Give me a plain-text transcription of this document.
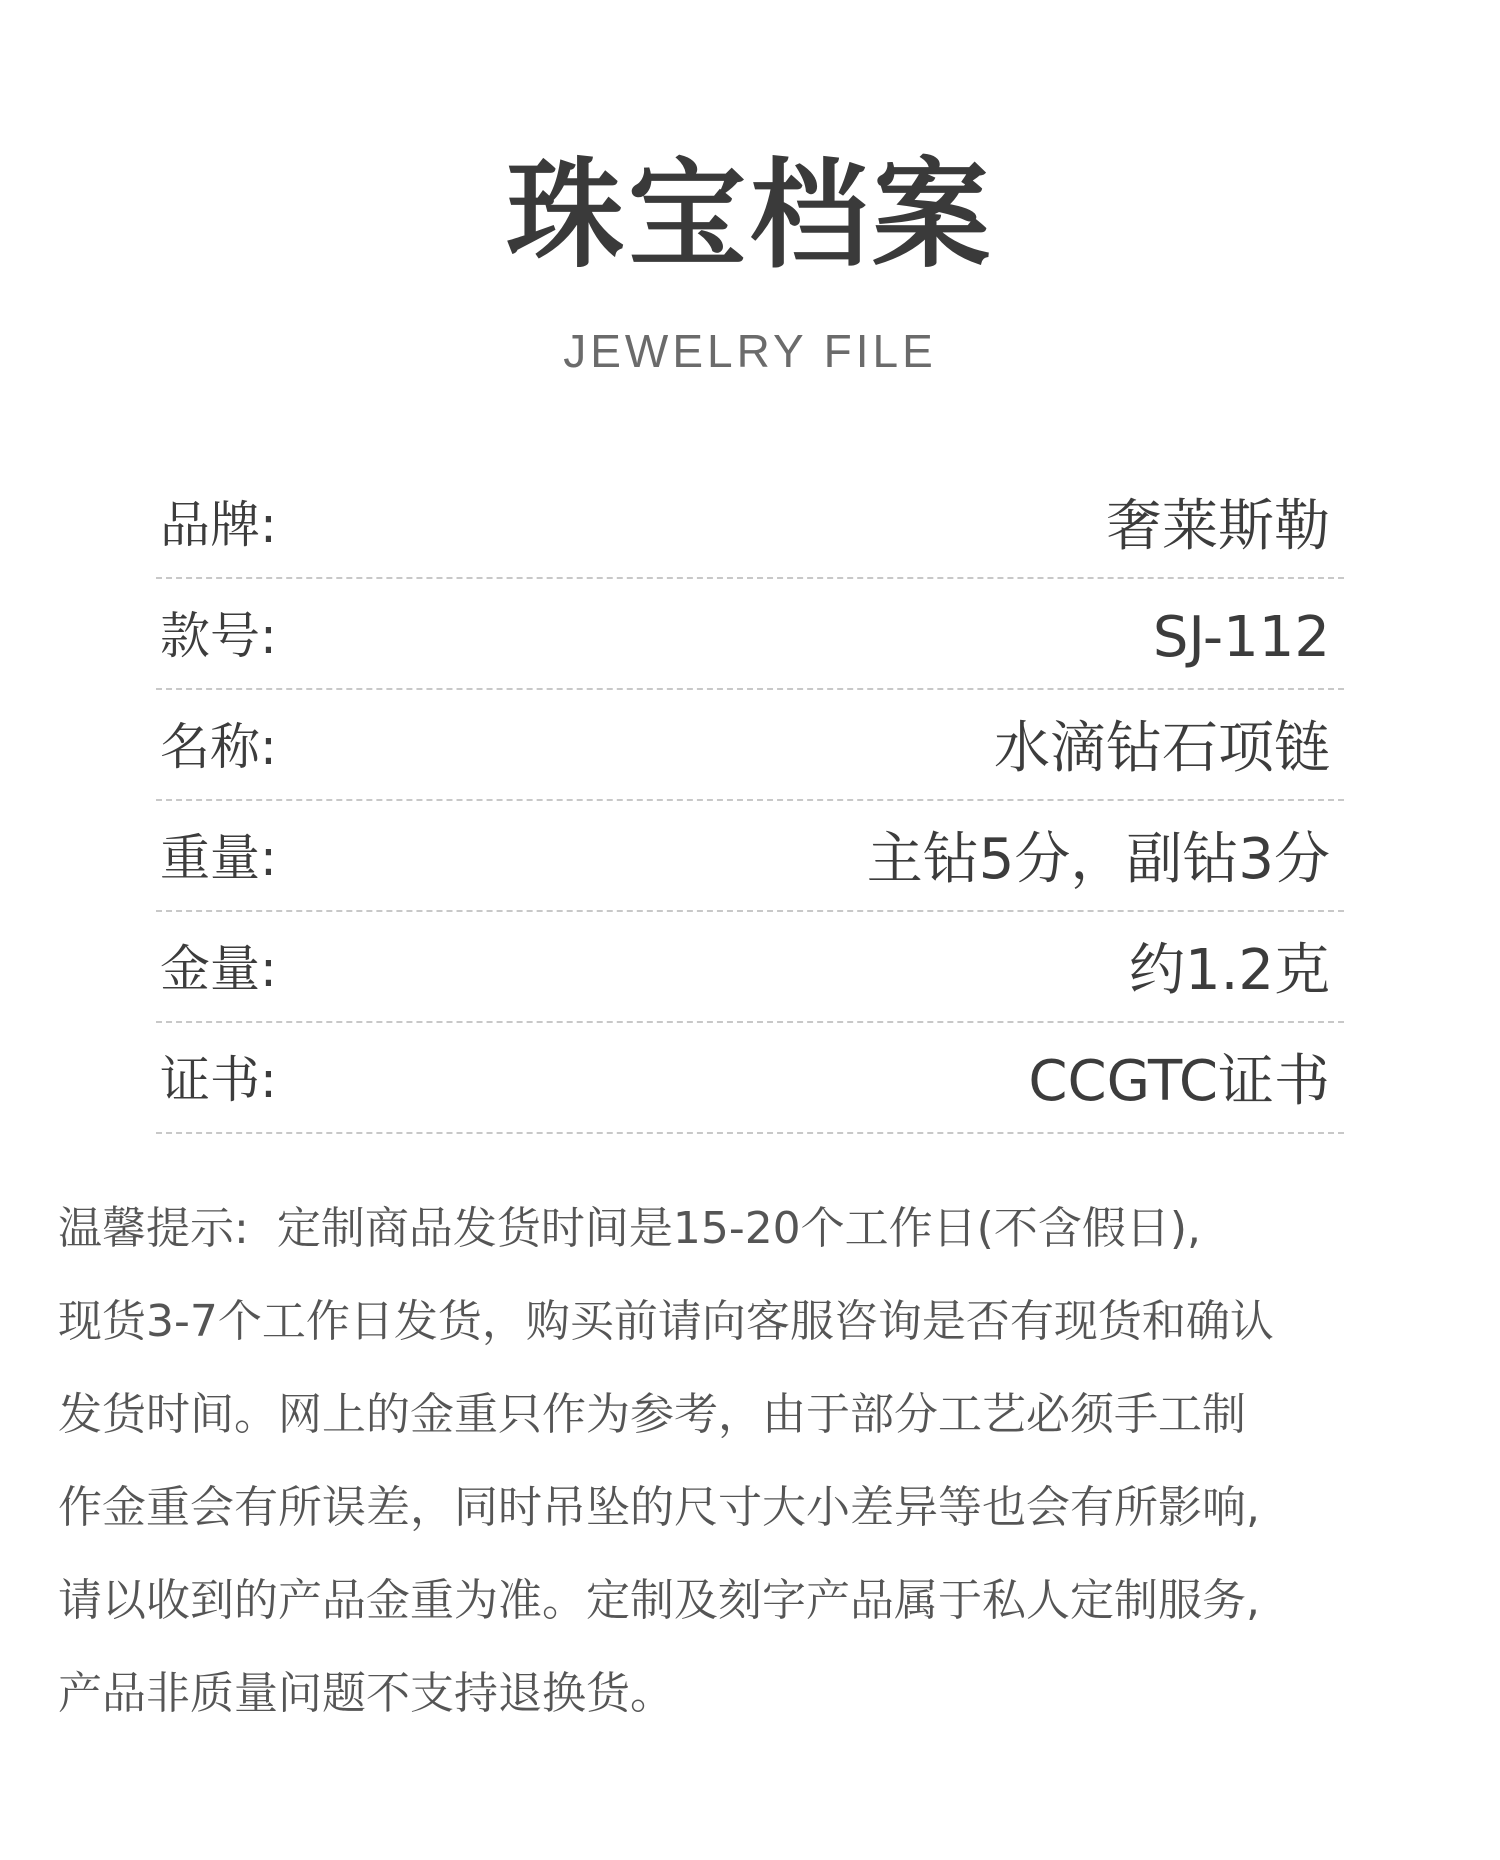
珠宝档案
JEWELRY FILE
品牌:	奢莱斯勒
款号:	SJ-112
名称:	水滴钻石项链
重量:	主钻5分，副钻3分
金量:	约1.2克
证书:	CCGTC证书
温馨提示: 定制商品发货时间是15-20个工作日(不含假日),
现货3-7个工作日发货，购买前请向客服咨询是否有现货和确认
发货时间。网上的金重只作为参考，由于部分工艺必须手工制
作金重会有所误差，同时吊坠的尺寸大小差异等也会有所影响,
请以收到的产品金重为准。定制及刻字产品属于私人定制服务,
产品非质量问题不支持退换货。
